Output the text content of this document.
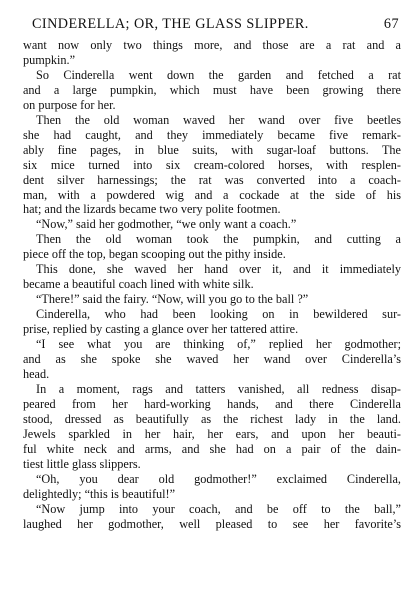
CINDERELLA; OR, THE GLASS SLIPPER.	67

want now only two things more, and those are a rat and a
pumpkin.”

So Cinderella went down the garden and fetched a rat
and a large pumpkin, which must have been growing there
on purpose for her.

Then the old woman waved her wand over five beetles
she had caught, and they immediately became five remark-
ably fine pages, in blue suits, with sugar-loaf buttons. The
six mice turned into six cream-colored horses, with resplen-
dent silver harnessings; the rat was converted into a coach-
man, with a powdered wig and a cockade at the side of his
hat; and the lizards became two very polite footmen.

“Now,” said her godmother, “we only want a coach.”

Then the old woman took the pumpkin, and cutting a
piece off the top, began scooping out the pithy inside.

This done, she waved her hand over it, and it immediately
became a beautiful coach lined with white silk.

“There!” said the fairy. “Now, will you go to the ball ?”

Cinderella, who had been looking on in bewildered sur-
prise, replied by casting a glance over her tattered attire.

“I see what you are thinking of,” replied her godmother;
and as she spoke she waved her wand over Cinderella’s
head.

In a moment, rags and tatters vanished, all redness disap-
peared from her hard-working hands, and there Cinderella
stood, dressed as beautifully as the richest lady in the land.
Jewels sparkled in her hair, her ears, and upon her beauti-
ful white neck and arms, and she had on a pair of the dain-
tiest little glass slippers.

“Oh, you dear old godmother!” exclaimed Cinderella,
delightedly; “this is beautiful!”

“Now jump into your coach, and be off to the ball,”
laughed her godmother, well pleased to see her favorite’s
